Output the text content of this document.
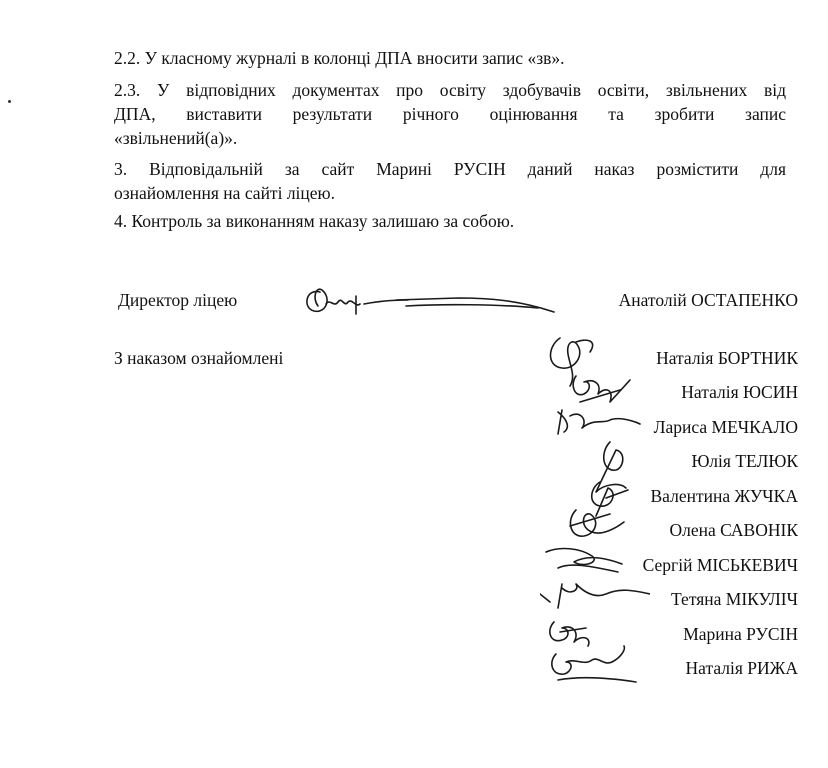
2.2. У класному журналі в колонці ДПА вносити запис «зв».

2.3. У відповідних документах про освіту здобувачів освіти, звільнених від
ДПА, виставити результати річного оцінювання та зробити запис
«звільнений(а)».

3. Відповідальній за сайт Марині РУСІН даний наказ розмістити для
ознайомлення на сайті ліцею.

4. Контроль за виконанням наказу залишаю за собою.

Директор ліцею	Анатолій ОСТАПЕНКО
З наказом ознайомлені	Наталія БОРТНИК
Наталія ЮСИН
Лариса МЕЧКАЛО
Юлія ТЕЛЮК
Валентина ЖУЧКА
Олена САВОНІК
Сергій МІСЬКЕВИЧ
Тетяна МІКУЛІЧ
Марина РУСІН
Наталія РИЖА
